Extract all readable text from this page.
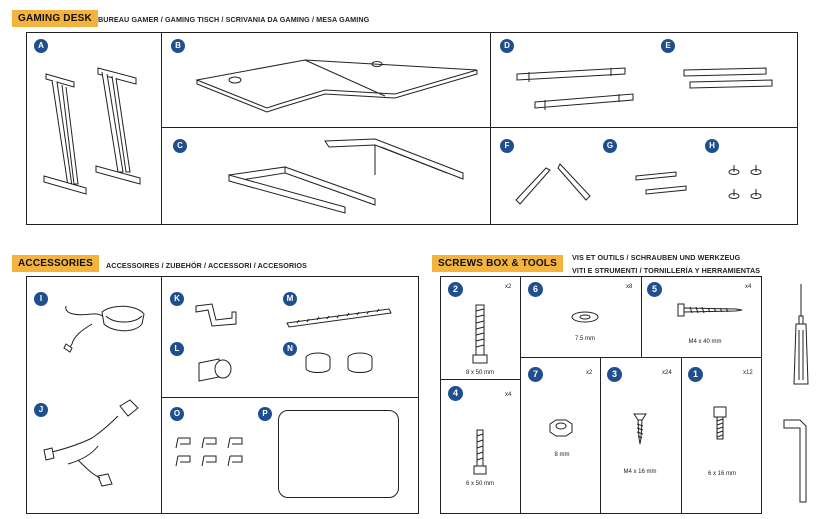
GAMING DESK BUREAU GAMER / GAMING TISCH / SCRIVANIA DA GAMING / MESA GAMING
A	B
C
D	E
F	G	H
ACCESSORIES	ACCESSOIRES / ZUBEHÖR / ACCESSORI / ACCESORIOS
I
J
K
L
M
N
O	P
SCREWS BOX & TOOLS
VIS ET OUTILS / SCHRAUBEN UND WERKZEUG
VITI E STRUMENTI / TORNILLERÍA Y HERRAMIENTAS
2	x2
8 x 50 mm
4	x4
6 x 50 mm
6	x8
7.5 mm
5	x4
M4 x 40 mm
7	x2
8 mm
3	x24
M4 x 16 mm
1	x12
6 x 16 mm
